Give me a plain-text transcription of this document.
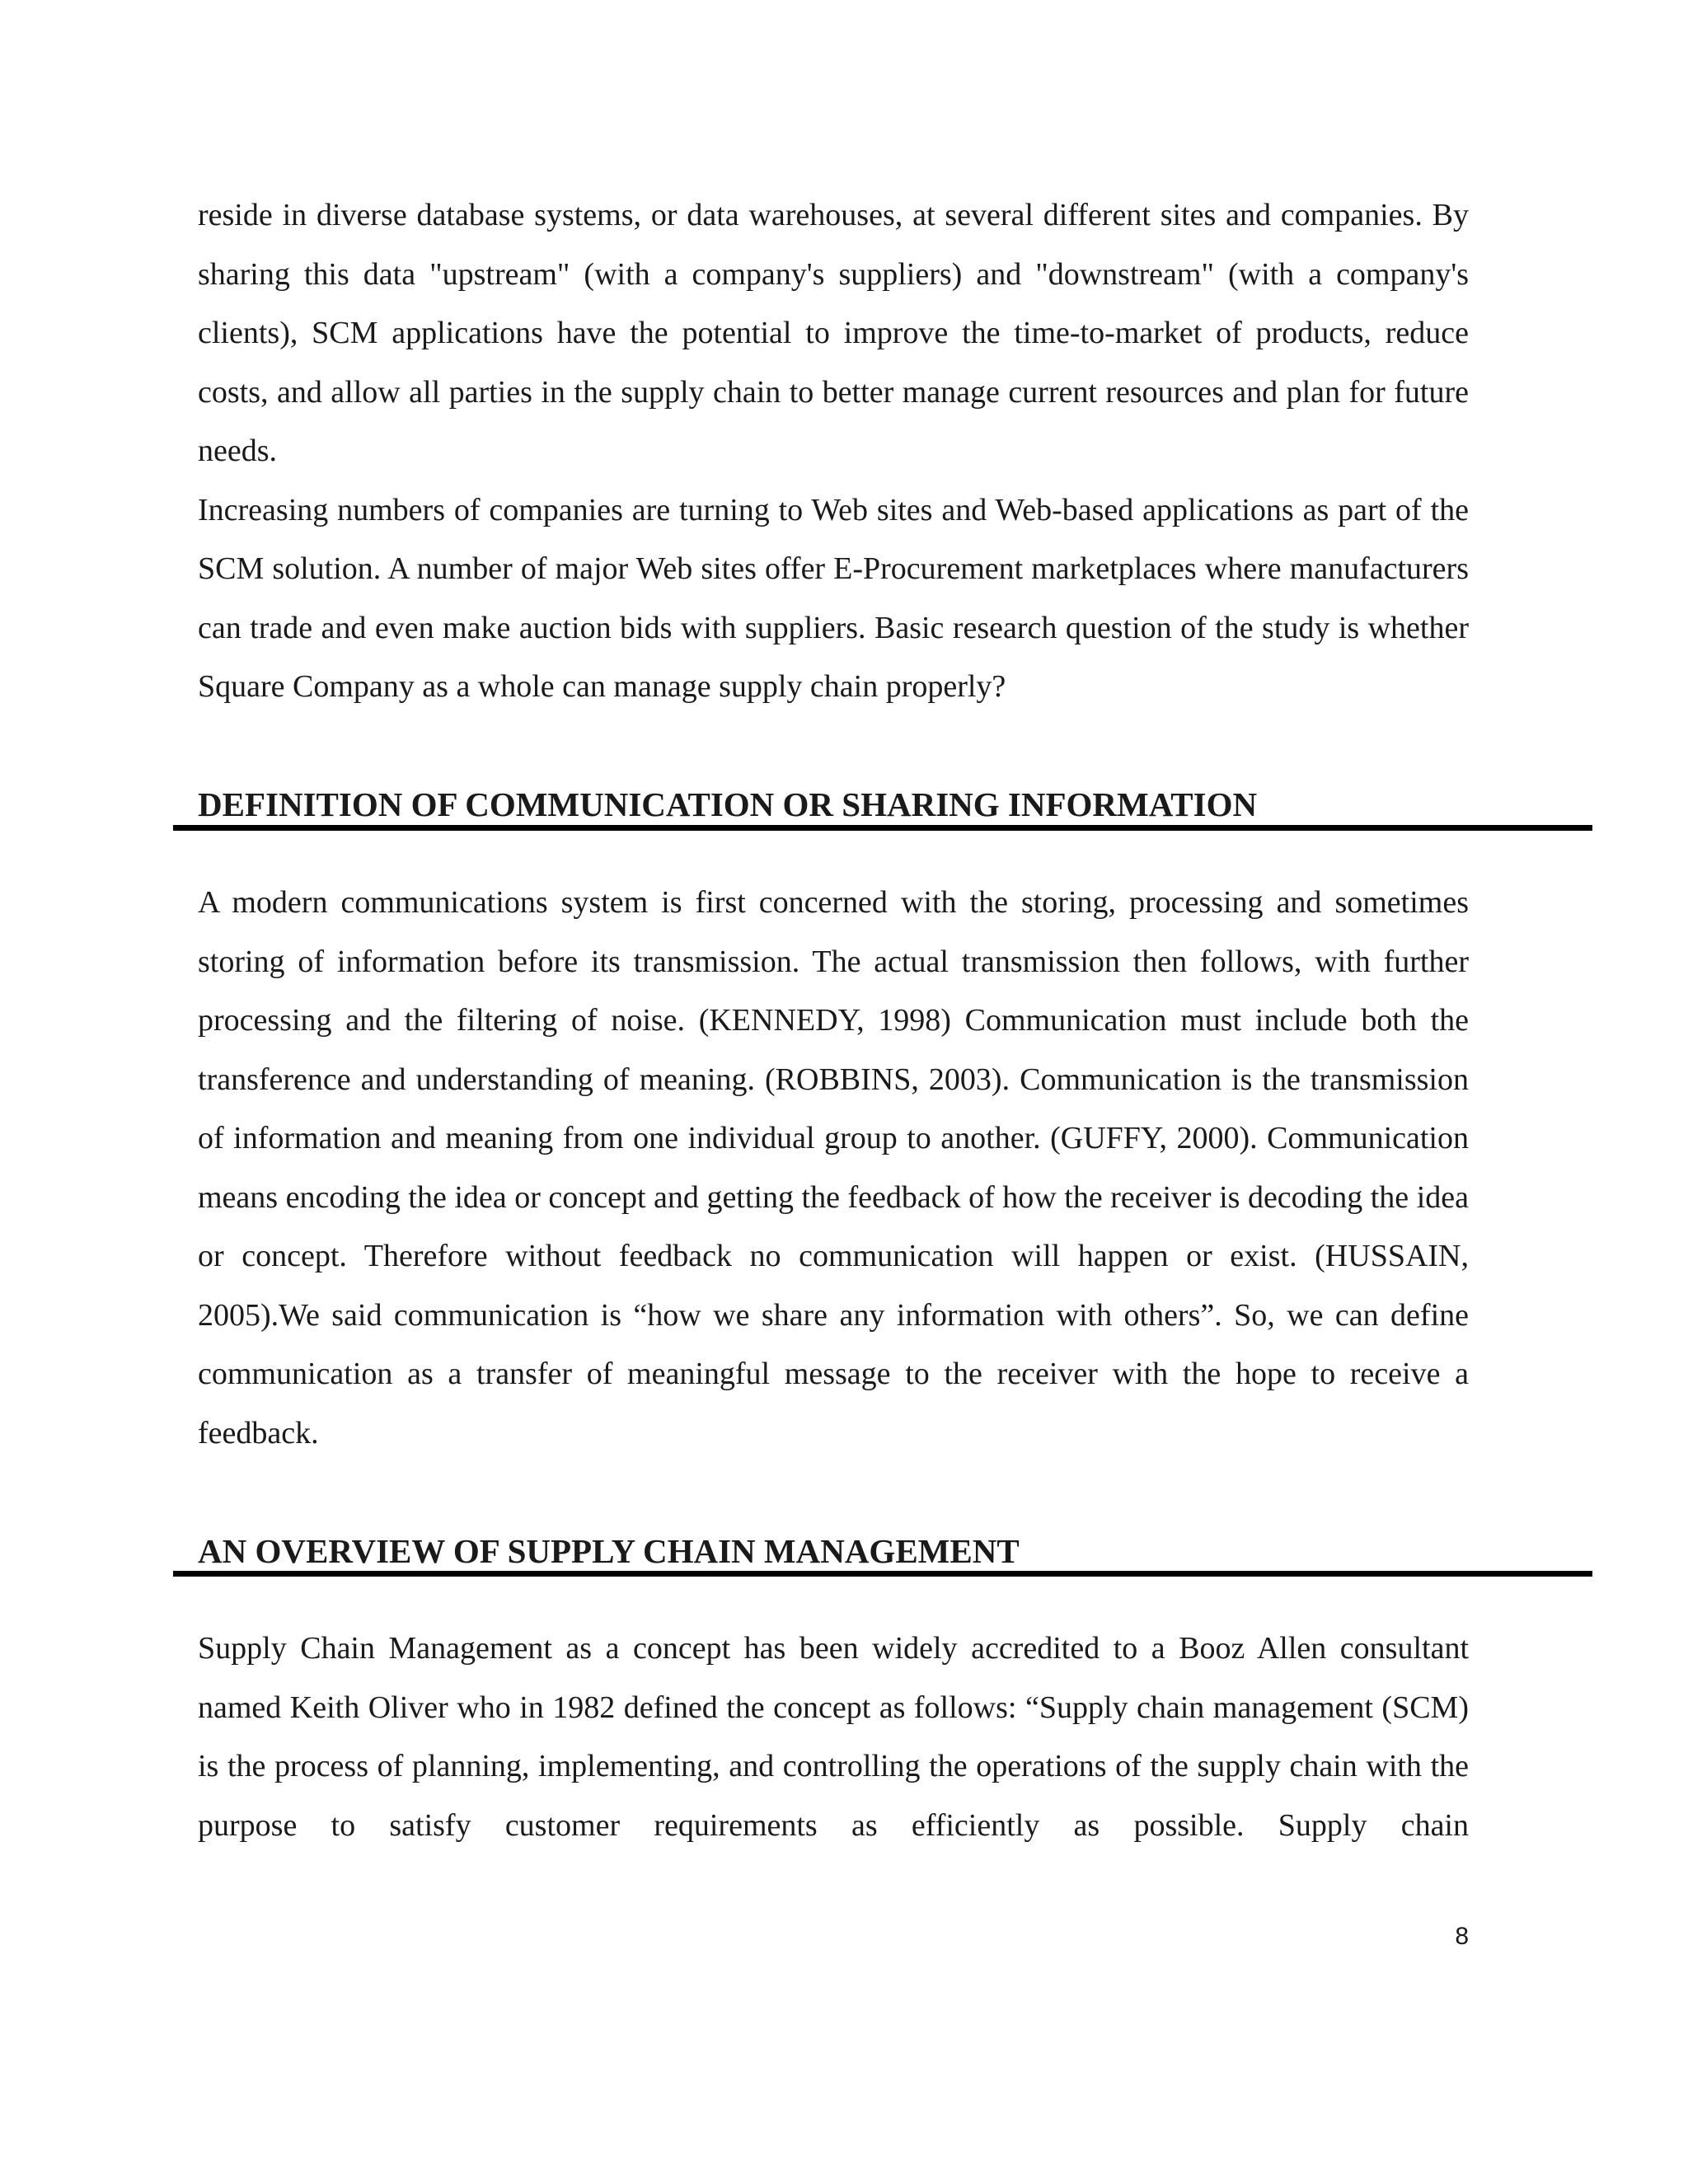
reside in diverse database systems, or data warehouses, at several different sites and companies. By sharing this data "upstream" (with a company's suppliers) and "downstream" (with a company's clients), SCM applications have the potential to improve the time-to-market of products, reduce costs, and allow all parties in the supply chain to better manage current resources and plan for future needs.

Increasing numbers of companies are turning to Web sites and Web-based applications as part of the SCM solution. A number of major Web sites offer E-Procurement marketplaces where manufacturers can trade and even make auction bids with suppliers. Basic research question of the study is whether Square Company as a whole can manage supply chain properly?

DEFINITION OF COMMUNICATION OR SHARING INFORMATION

A modern communications system is first concerned with the storing, processing and sometimes storing of information before its transmission. The actual transmission then follows, with further processing and the filtering of noise. (KENNEDY, 1998) Communication must include both the transference and understanding of meaning. (ROBBINS, 2003). Communication is the transmission of information and meaning from one individual group to another. (GUFFY, 2000). Communication means encoding the idea or concept and getting the feedback of how the receiver is decoding the idea or concept. Therefore without feedback no communication will happen or exist. (HUSSAIN, 2005).We said communication is “how we share any information with others”. So, we can define communication as a transfer of meaningful message to the receiver with the hope to receive a feedback.

AN OVERVIEW OF SUPPLY CHAIN MANAGEMENT

Supply Chain Management as a concept has been widely accredited to a Booz Allen consultant named Keith Oliver who in 1982 defined the concept as follows: “Supply chain management (SCM) is the process of planning, implementing, and controlling the operations of the supply chain with the purpose to satisfy customer requirements as efficiently as possible. Supply chain

8
